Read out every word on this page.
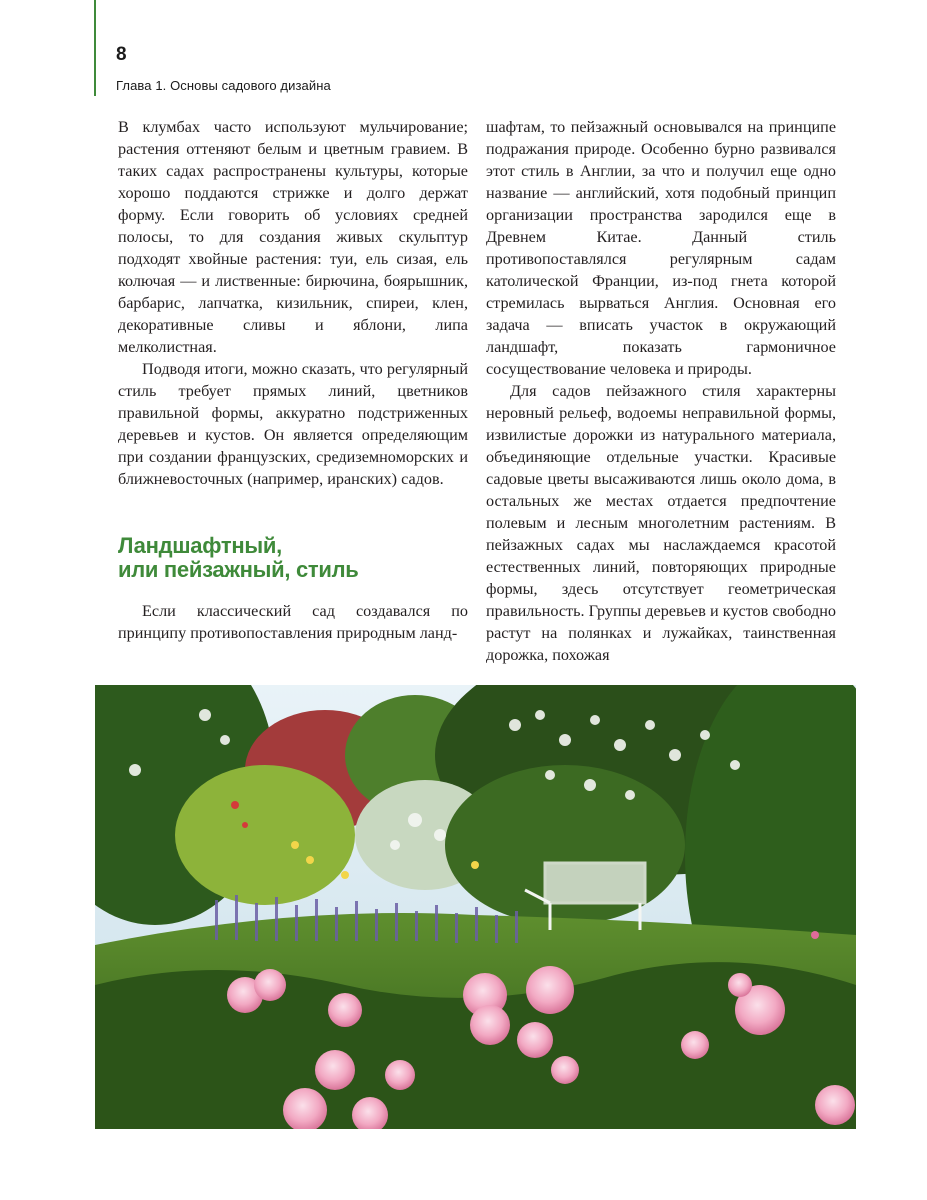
8
Глава 1. Основы садового дизайна

В клумбах часто используют мульчирование; растения оттеняют белым и цветным гравием. В таких садах распространены культуры, которые хорошо поддаются стрижке и долго держат форму. Если говорить об условиях средней полосы, то для создания живых скульптур подходят хвойные растения: туи, ель сизая, ель колючая — и лиственные: бирючина, боярышник, барбарис, лапчатка, кизильник, спиреи, клен, декоративные сливы и яблони, липа мелколистная.

Подводя итоги, можно сказать, что регулярный стиль требует прямых линий, цветников правильной формы, аккуратно подстриженных деревьев и кустов. Он является определяющим при создании французских, средиземноморских и ближневосточных (например, иранских) садов.

Ландшафтный,
или пейзажный, стиль

Если классический сад создавался по принципу противопоставления природным ланд-

шафтам, то пейзажный основывался на принципе подражания природе. Особенно бурно развивался этот стиль в Англии, за что и получил еще одно название — английский, хотя подобный принцип организации пространства зародился еще в Древнем Китае. Данный стиль противопоставлялся регулярным садам католической Франции, из-под гнета которой стремилась вырваться Англия. Основная его задача — вписать участок в окружающий ландшафт, показать гармоничное сосуществование человека и природы.

Для садов пейзажного стиля характерны неровный рельеф, водоемы неправильной формы, извилистые дорожки из натурального материала, объединяющие отдельные участки. Красивые садовые цветы высаживаются лишь около дома, в остальных же местах отдается предпочтение полевым и лесным многолетним растениям. В пейзажных садах мы наслаждаемся красотой естественных линий, повторяющих природные формы, здесь отсутствует геометрическая правильность. Группы деревьев и кустов свободно растут на полянках и лужайках, таинственная дорожка, похожая
